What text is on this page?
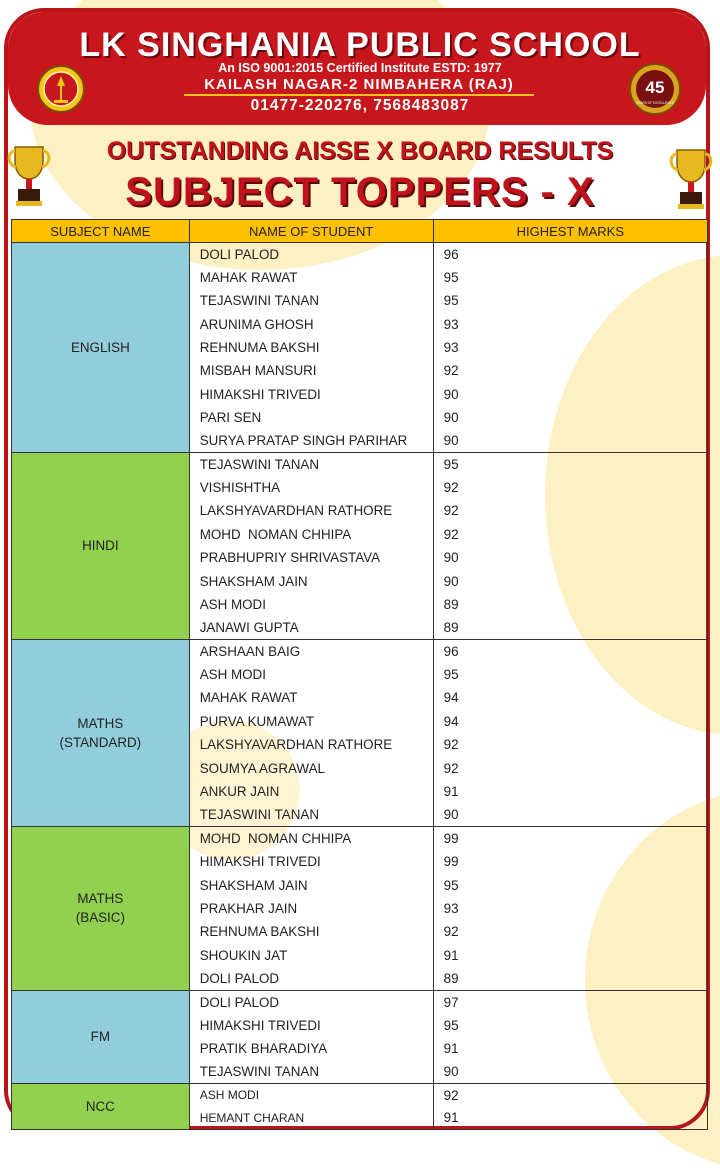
LK SINGHANIA PUBLIC SCHOOL
An ISO 9001:2015 Certified Institute ESTD: 1977
KAILASH NAGAR-2 NIMBAHERA (RAJ)
01477-220276, 7568483087
45
YEARS OF EXCELLENCE
OUTSTANDING AISSE X BOARD RESULTS
SUBJECT TOPPERS - X
SUBJECT NAME	NAME OF STUDENT	HIGHEST MARKS
ENGLISH	DOLI PALOD	96
	MAHAK RAWAT	95
	TEJASWINI TANAN	95
	ARUNIMA GHOSH	93
	REHNUMA BAKSHI	93
	MISBAH MANSURI	92
	HIMAKSHI TRIVEDI	90
	PARI SEN	90
	SURYA PRATAP SINGH PARIHAR	90
HINDI	TEJASWINI TANAN	95
	VISHISHTHA	92
	LAKSHYAVARDHAN RATHORE	92
	MOHD  NOMAN CHHIPA	92
	PRABHUPRIY SHRIVASTAVA	90
	SHAKSHAM JAIN	90
	ASH MODI	89
	JANAWI GUPTA	89
MATHS
(STANDARD)	ARSHAAN BAIG	96
	ASH MODI	95
	MAHAK RAWAT	94
	PURVA KUMAWAT	94
	LAKSHYAVARDHAN RATHORE	92
	SOUMYA AGRAWAL	92
	ANKUR JAIN	91
	TEJASWINI TANAN	90
MATHS
(BASIC)	MOHD  NOMAN CHHIPA	99
	HIMAKSHI TRIVEDI	99
	SHAKSHAM JAIN	95
	PRAKHAR JAIN	93
	REHNUMA BAKSHI	92
	SHOUKIN JAT	91
	DOLI PALOD	89
FM	DOLI PALOD	97
	HIMAKSHI TRIVEDI	95
	PRATIK BHARADIYA	91
	TEJASWINI TANAN	90
NCC	ASH MODI	92
	HEMANT CHARAN	91
